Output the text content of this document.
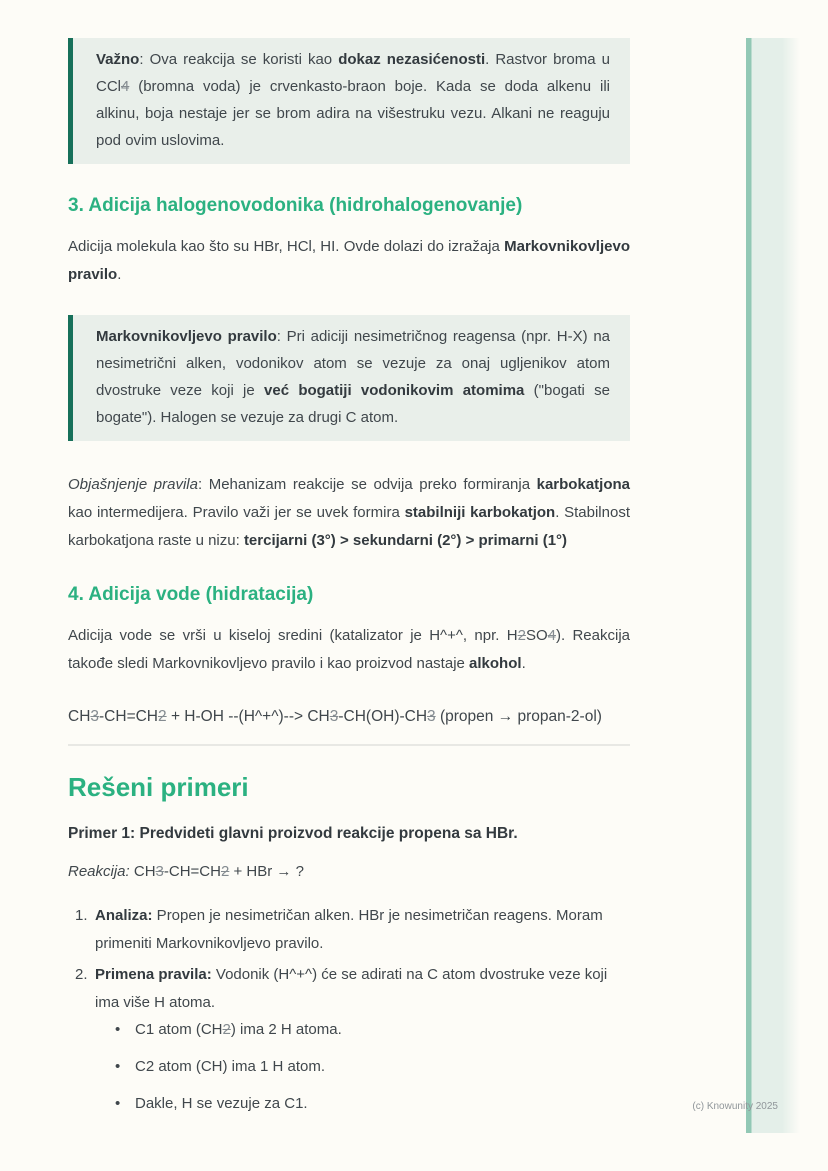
Važno: Ova reakcija se koristi kao dokaz nezasićenosti. Rastvor broma u CCl4 (bromna voda) je crvenkasto-braon boje. Kada se doda alkenu ili alkinu, boja nestaje jer se brom adira na višestruku vezu. Alkani ne reaguju pod ovim uslovima.

3. Adicija halogenovodonika (hidrohalogenovanje)

Adicija molekula kao što su HBr, HCl, HI. Ovde dolazi do izražaja Markovnikovljevo pravilo.

Markovnikovljevo pravilo: Pri adiciji nesimetričnog reagensa (npr. H-X) na nesimetrični alken, vodonikov atom se vezuje za onaj ugljenikov atom dvostruke veze koji je već bogatiji vodonikovim atomima ("bogati se bogate"). Halogen se vezuje za drugi C atom.

Objašnjenje pravila: Mehanizam reakcije se odvija preko formiranja karbokatjona kao intermedijera. Pravilo važi jer se uvek formira stabilniji karbokatjon. Stabilnost karbokatjona raste u nizu: tercijarni (3°) > sekundarni (2°) > primarni (1°)

4. Adicija vode (hidratacija)

Adicija vode se vrši u kiseloj sredini (katalizator je H^+^, npr. H2SO4). Reakcija takođe sledi Markovnikovljevo pravilo i kao proizvod nastaje alkohol.

CH3-CH=CH2 + H-OH --(H^+^)--> CH3-CH(OH)-CH3 (propen → propan-2-ol)

Rešeni primeri

Primer 1: Predvideti glavni proizvod reakcije propena sa HBr.

Reakcija: CH3-CH=CH2 + HBr → ?

1. Analiza: Propen je nesimetričan alken. HBr je nesimetričan reagens. Moram primeniti Markovnikovljevo pravilo.
2. Primena pravila: Vodonik (H^+^) će se adirati na C atom dvostruke veze koji ima više H atoma.
• C1 atom (CH2) ima 2 H atoma.
• C2 atom (CH) ima 1 H atom.
• Dakle, H se vezuje za C1.	(c) Knowunity 2025
